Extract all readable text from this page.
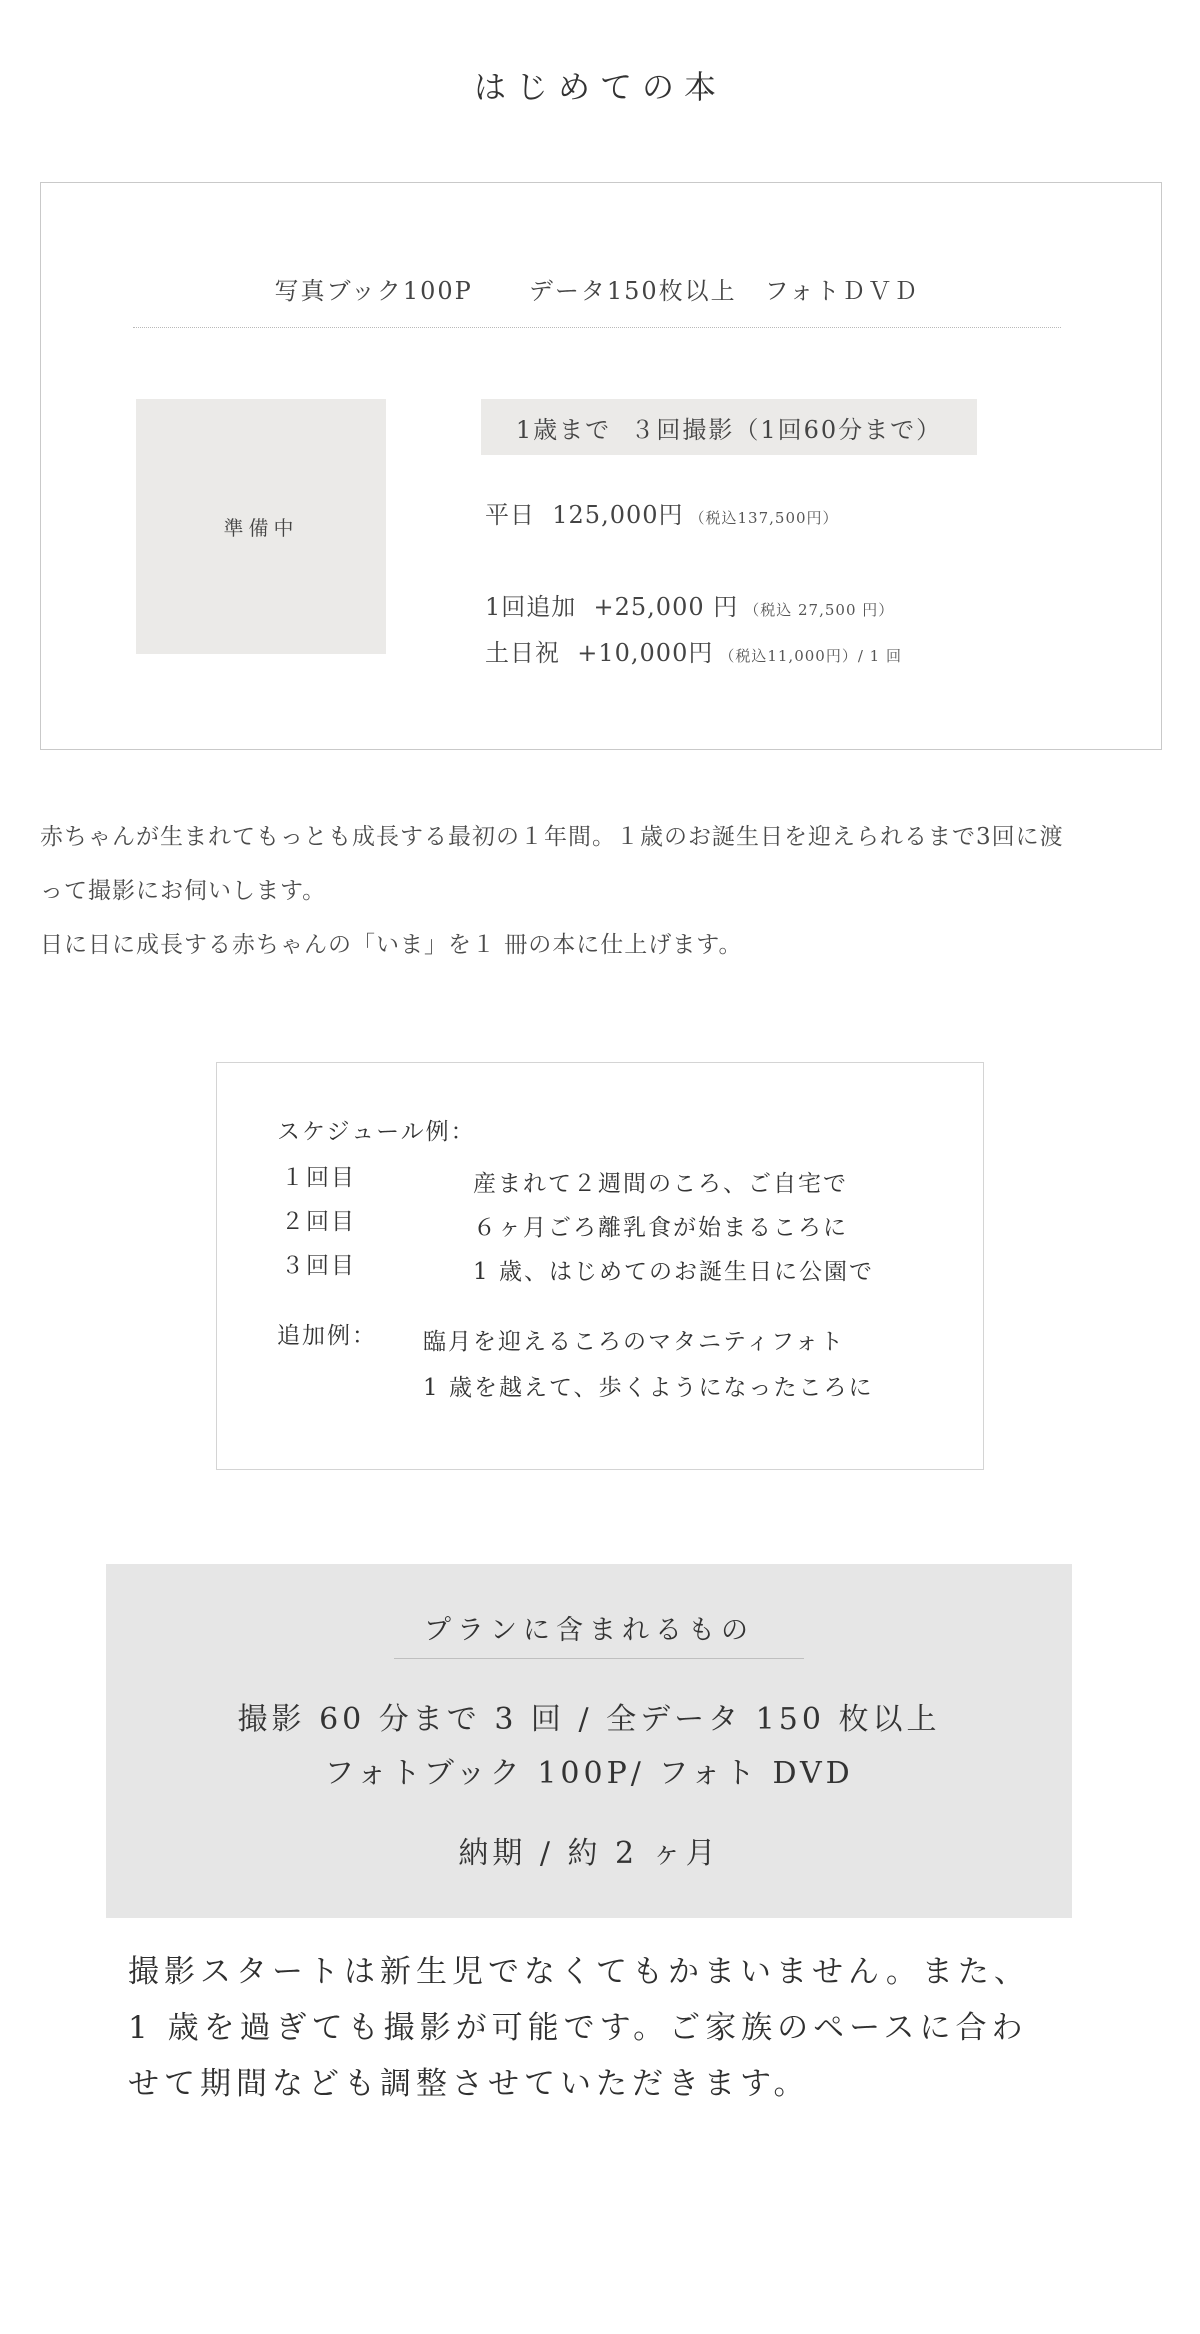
はじめての本
写真ブック100P データ150枚以上 フォトＤＶＤ
準備中
1歳まで  ３回撮影（1回60分まで）
平日  125,000円 （税込137,500円）
1回追加  +25,000 円 （税込 27,500 円）
土日祝  +10,000円 （税込11,000円）/ 1 回
赤ちゃんが生まれてもっとも成長する最初の１年間。１歳のお誕生日を迎えられるまで3回に渡
って撮影にお伺いします。
日に日に成長する赤ちゃんの「いま」を１ 冊の本に仕上げます。
スケジュール例：
１回目	産まれて２週間のころ、ご自宅で
２回目	６ヶ月ごろ離乳食が始まるころに
３回目	1 歳、はじめてのお誕生日に公園で
追加例： 臨月を迎えるころのマタニティフォト
1 歳を越えて、歩くようになったころに
プランに含まれるもの
撮影 60 分まで 3 回 / 全データ 150 枚以上
フォトブック 100P/ フォト DVD
納期 / 約 2 ヶ月
撮影スタートは新生児でなくてもかまいません。また、
1 歳を過ぎても撮影が可能です。ご家族のペースに合わ
せて期間なども調整させていただきます。
